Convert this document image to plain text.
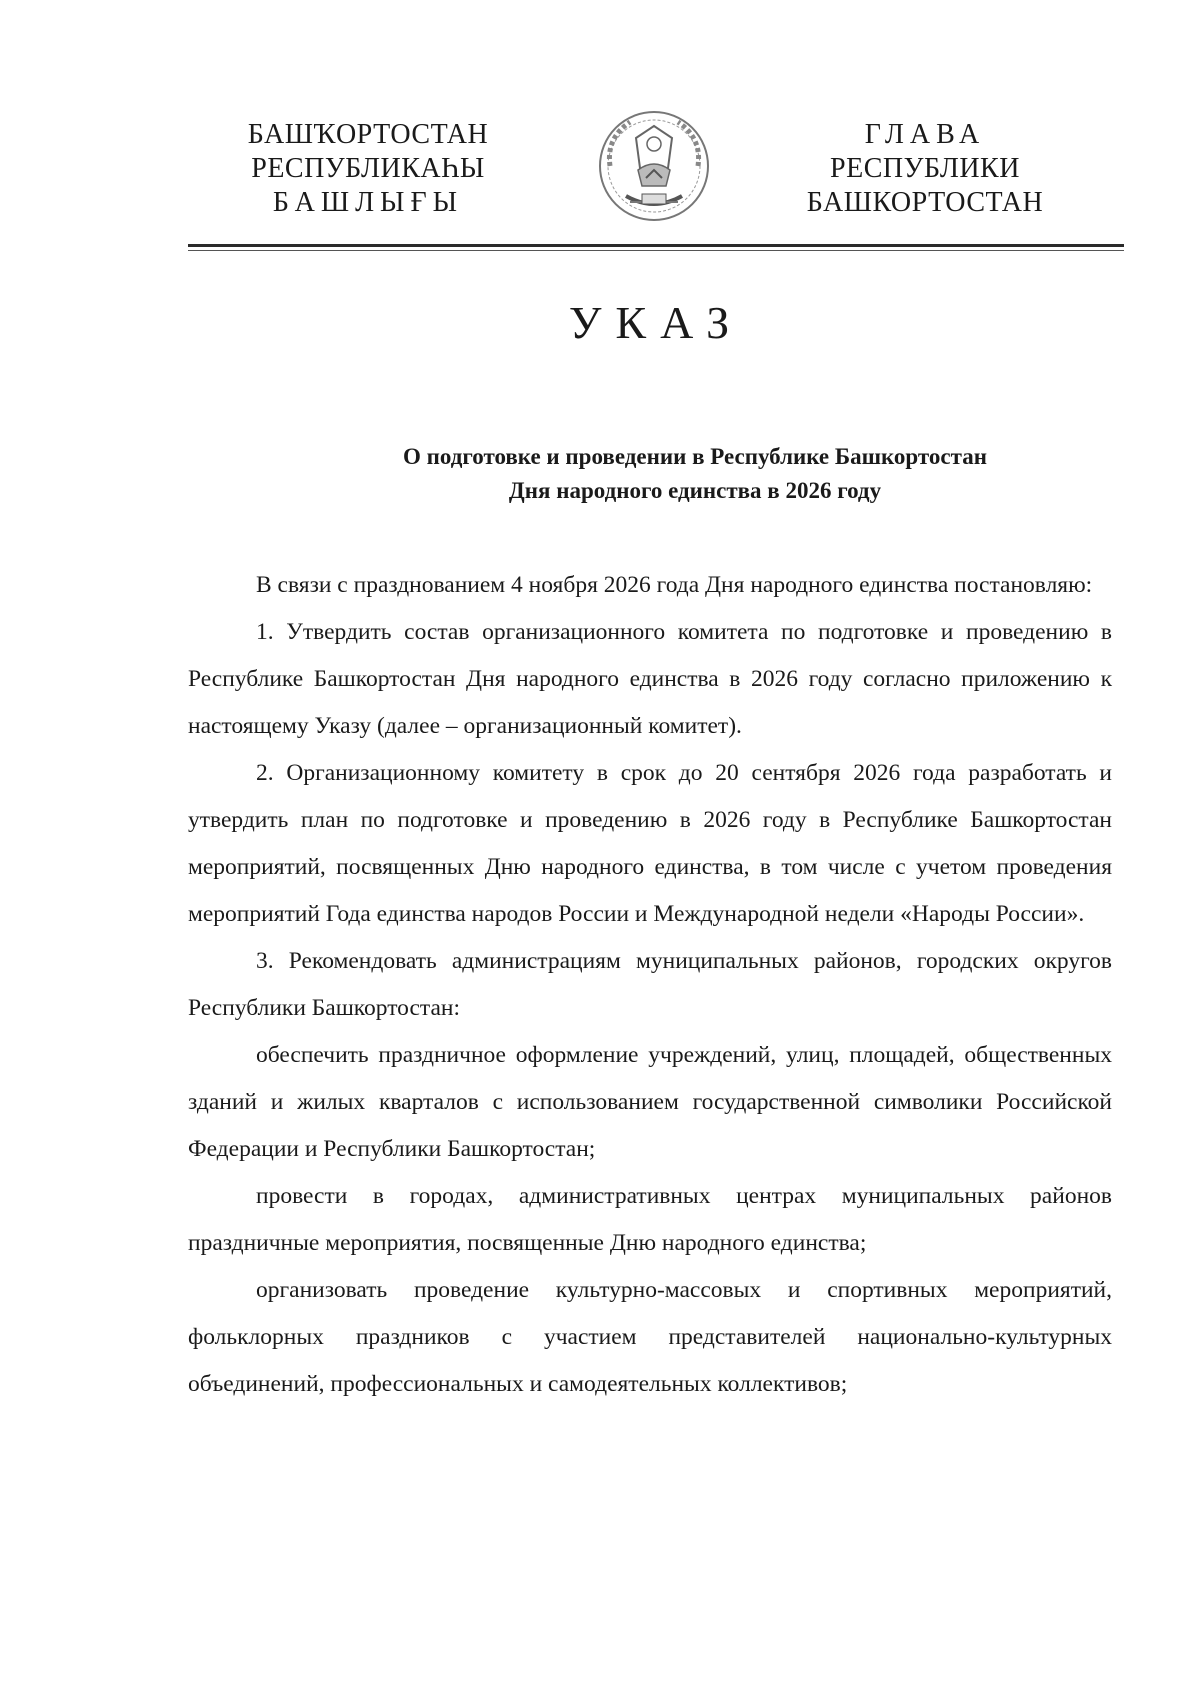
БАШҠОРТОСТАН
РЕСПУБЛИКАҺЫ
БАШЛЫҒЫ
ГЛАВА
РЕСПУБЛИКИ
БАШКОРТОСТАН
УКАЗ
О подготовке и проведении в Республике Башкортостан
Дня народного единства в 2026 году

В связи с празднованием 4 ноября 2026 года Дня народного единства постановляю:

1. Утвердить состав организационного комитета по подготовке и проведению в Республике Башкортостан Дня народного единства в 2026 году согласно приложению к настоящему Указу (далее – организационный комитет).

2. Организационному комитету в срок до 20 сентября 2026 года разработать и утвердить план по подготовке и проведению в 2026 году в Республике Башкортостан мероприятий, посвященных Дню народного единства, в том числе с учетом проведения мероприятий Года единства народов России и Международной недели «Народы России».

3. Рекомендовать администрациям муниципальных районов, городских округов Республики Башкортостан:

обеспечить праздничное оформление учреждений, улиц, площадей, общественных зданий и жилых кварталов с использованием государственной символики Российской Федерации и Республики Башкортостан;

провести в городах, административных центрах муниципальных районов праздничные мероприятия, посвященные Дню народного единства;

организовать проведение культурно-массовых и спортивных мероприятий, фольклорных праздников с участием представителей национально-культурных объединений, профессиональных и самодеятельных коллективов;
